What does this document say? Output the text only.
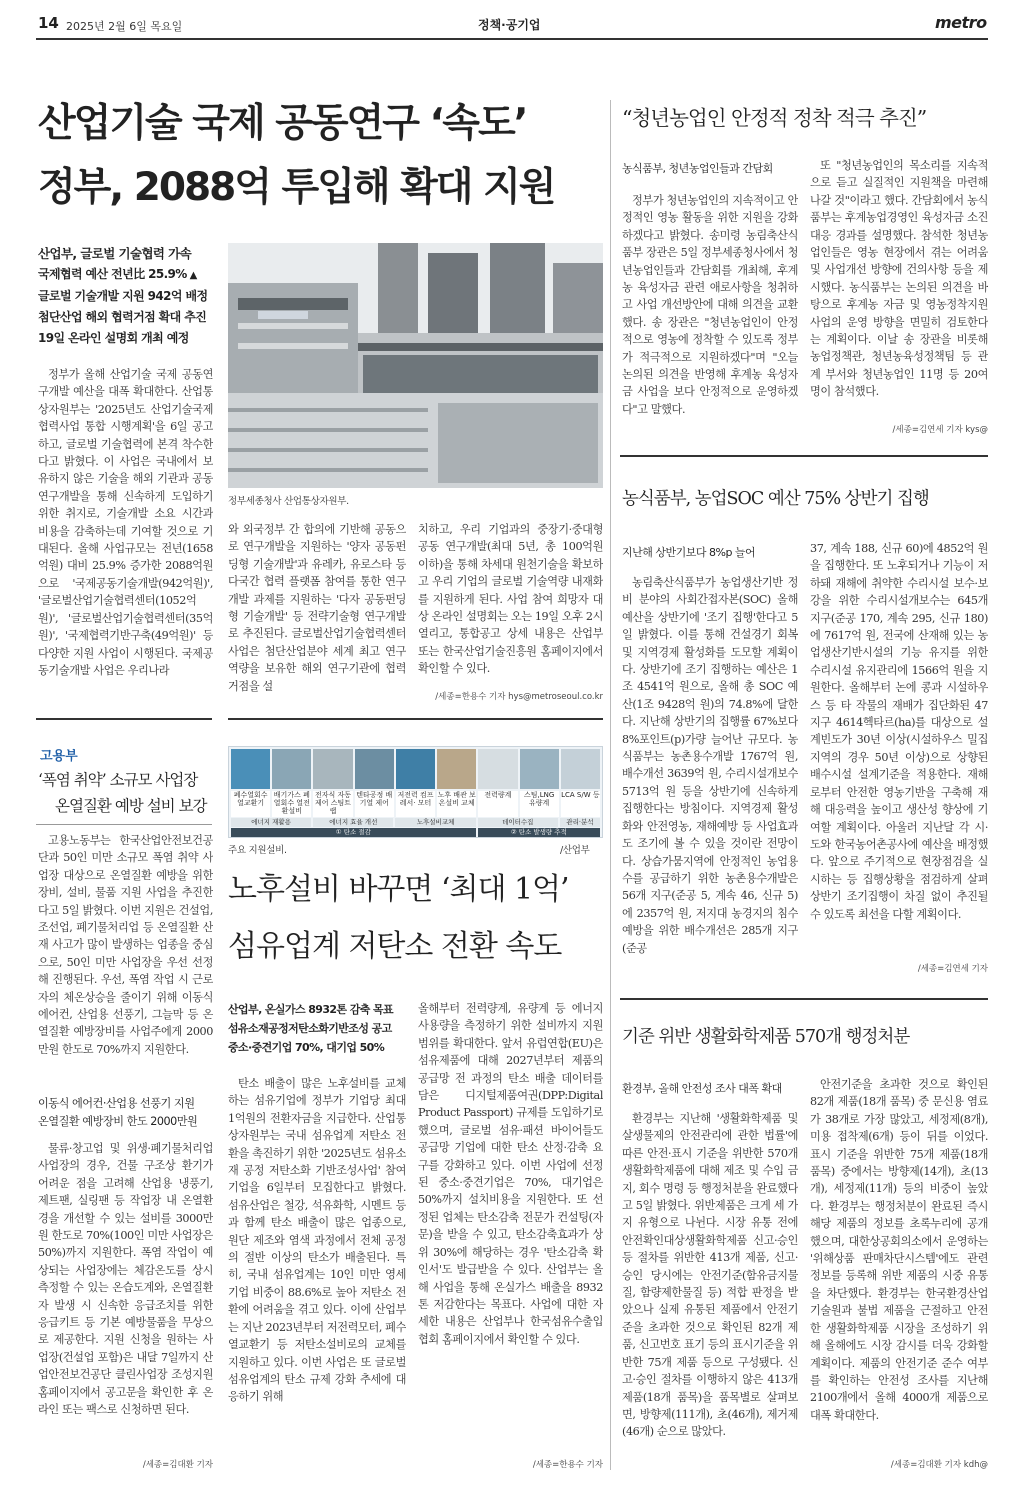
14 2025년 2월 6일 목요일	정책·공기업	metro
산업기술 국제 공동연구 ‘속도’
정부, 2088억 투입해 확대 지원
산업부, 글로벌 기술협력 가속
국제협력 예산 전년比 25.9% ▲
글로벌 기술개발 지원 942억 배정
첨단산업 해외 협력거점 확대 추진
19일 온라인 설명회 개최 예정

정부가 올해 산업기술 국제 공동연구개발 예산을 대폭 확대한다. 산업통상자원부는 '2025년도 산업기술국제협력사업 통합 시행계획'을 6일 공고하고, 글로벌 기술협력에 본격 착수한다고 밝혔다. 이 사업은 국내에서 보유하지 않은 기술을 해외 기관과 공동 연구개발을 통해 신속하게 도입하기 위한 취지로, 기술개발 소요 시간과 비용을 감축하는데 기여할 것으로 기대된다. 올해 사업규모는 전년(1658억원) 대비 25.9% 증가한 2088억원으로 '국제공동기술개발(942억원)', '글로벌산업기술협력센터(1052억원)', '글로벌산업기술협력센터(35억원)', '국제협력기반구축(49억원)' 등 다양한 지원 사업이 시행된다. 국제공동기술개발 사업은 우리나라

정부세종청사 산업통상자원부.

와 외국정부 간 합의에 기반해 공동으로 연구개발을 지원하는 '양자 공동펀딩형 기술개발'과 유레카, 유로스타 등 다국간 협력 플랫폼 참여를 통한 연구개발 과제를 지원하는 '다자 공동펀딩형 기술개발' 등 전략기술형 연구개발로 추진된다. 글로벌산업기술협력센터 사업은 첨단산업분야 세계 최고 연구역량을 보유한 해외 연구기관에 협력거점을 설

치하고, 우리 기업과의 중장기·중대형 공동 연구개발(최대 5년, 총 100억원 이하)을 통해 차세대 원천기술을 확보하고 우리 기업의 글로벌 기술역량 내재화를 지원하게 된다. 사업 참여 희망자 대상 온라인 설명회는 오는 19일 오후 2시 열리고, 통합공고 상세 내용은 산업부 또는 한국산업기술진흥원 홈페이지에서 확인할 수 있다.

/세종=한용수 기자 hys@metroseoul.co.kr
고용부
‘폭염 취약’ 소규모 사업장
온열질환 예방 설비 보강

고용노동부는 한국산업안전보건공단과 50인 미만 소규모 폭염 취약 사업장 대상으로 온열질환 예방을 위한 장비, 설비, 물품 지원 사업을 추진한다고 5일 밝혔다. 이번 지원은 건설업, 조선업, 폐기물처리업 등 온열질환 산재 사고가 많이 발생하는 업종을 중심으로, 50인 미만 사업장을 우선 선정해 진행된다. 우선, 폭염 작업 시 근로자의 체온상승을 줄이기 위해 이동식 에어컨, 산업용 선풍기, 그늘막 등 온열질환 예방장비를 사업주에게 2000만원 한도로 70%까지 지원한다.

이동식 에어컨·산업용 선풍기 지원
온열질환 예방장비 한도 2000만원

물류·창고업 및 위생·폐기물처리업 사업장의 경우, 건물 구조상 환기가 어려운 점을 고려해 산업용 냉풍기, 제트팬, 실링팬 등 작업장 내 온열환경을 개선할 수 있는 설비를 3000만원 한도로 70%(100인 미만 사업장은 50%)까지 지원한다. 폭염 작업이 예상되는 사업장에는 체감온도를 상시 측정할 수 있는 온습도계와, 온열질환자 발생 시 신속한 응급조치를 위한 응급키트 등 기본 예방물품을 무상으로 제공한다. 지원 신청을 원하는 사업장(건설업 포함)은 내달 7일까지 산업안전보건공단 클린사업장 조성지원 홈페이지에서 공고문을 확인한 후 온라인 또는 팩스로 신청하면 된다.

/세종=김대환 기자
폐수열회수 열교환기
배기가스 폐열회수 열전환설비
전자식 자동제어 스팀트랩
텐타공정 배기열 제어
저전력 컴프레서· 모터
노후 배관 보온설비 교체
전력량계	스팀,LNG 유량계
LCA S/W 등
에너지 재활용	에너지 효율 개선	노후설비교체	데이터수집	관리·분석
① 탄소 절감	② 탄소 발생량 추적
주요 지원설비.	/산업부
노후설비 바꾸면 ‘최대 1억’
섬유업계 저탄소 전환 속도
산업부, 온실가스 8932톤 감축 목표
섬유소재공정저탄소화기반조성 공고
중소·중견기업 70%, 대기업 50%

탄소 배출이 많은 노후설비를 교체하는 섬유기업에 정부가 기업당 최대 1억원의 전환자금을 지급한다. 산업통상자원부는 국내 섬유업계 저탄소 전환을 촉진하기 위한 '2025년도 섬유소재 공정 저탄소화 기반조성사업' 참여기업을 6일부터 모집한다고 밝혔다. 섬유산업은 철강, 석유화학, 시멘트 등과 함께 탄소 배출이 많은 업종으로, 원단 제조와 염색 과정에서 전체 공정의 절반 이상의 탄소가 배출된다. 특히, 국내 섬유업계는 10인 미만 영세기업 비중이 88.6%로 높아 저탄소 전환에 어려움을 겪고 있다. 이에 산업부는 지난 2023년부터 저전력모터, 폐수 열교환기 등 저탄소설비로의 교체를 지원하고 있다. 이번 사업은 또 글로벌 섬유업계의 탄소 규제 강화 추세에 대응하기 위해

올해부터 전력량계, 유량계 등 에너지 사용량을 측정하기 위한 설비까지 지원범위를 확대한다. 앞서 유럽연합(EU)은 섬유제품에 대해 2027년부터 제품의 공급망 전 과정의 탄소 배출 데이터를 담은 디지털제품여권(DPP:Digital Product Passport) 규제를 도입하기로 했으며, 글로벌 섬유·패션 바이어들도 공급망 기업에 대한 탄소 산정·감축 요구를 강화하고 있다. 이번 사업에 선정된 중소·중견기업은 70%, 대기업은 50%까지 설치비용을 지원한다. 또 선정된 업체는 탄소감축 전문가 컨설팅(자문)을 받을 수 있고, 탄소감축효과가 상위 30%에 해당하는 경우 '탄소감축 확인서'도 발급받을 수 있다. 산업부는 올해 사업을 통해 온실가스 배출을 8932톤 저감한다는 목표다. 사업에 대한 자세한 내용은 산업부나 한국섬유수출입협회 홈페이지에서 확인할 수 있다.

/세종=한용수 기자
“청년농업인 안정적 정착 적극 추진”
농식품부, 청년농업인들과 간담회

정부가 청년농업인의 지속적이고 안정적인 영농 활동을 위한 지원을 강화하겠다고 밝혔다. 송미령 농림축산식품부 장관은 5일 정부세종청사에서 청년농업인들과 간담회를 개최해, 후계농 육성자금 관련 애로사항을 청취하고 사업 개선방안에 대해 의견을 교환했다. 송 장관은 "청년농업인이 안정적으로 영농에 정착할 수 있도록 정부가 적극적으로 지원하겠다"며 "오늘 논의된 의견을 반영해 후계농 육성자금 사업을 보다 안정적으로 운영하겠다"고 말했다.

또 "청년농업인의 목소리를 지속적으로 듣고 실질적인 지원책을 마련해 나갈 것"이라고 했다. 간담회에서 농식품부는 후계농업경영인 육성자금 소진 대응 경과를 설명했다. 참석한 청년농업인들은 영농 현장에서 겪는 어려움 및 사업개선 방향에 건의사항 등을 제시했다. 농식품부는 논의된 의견을 바탕으로 후계농 자금 및 영농정착지원사업의 운영 방향을 면밀히 검토한다는 계획이다. 이날 송 장관을 비롯해 농업정책관, 청년농육성정책팀 등 관계 부서와 청년농업인 11명 등 20여 명이 참석했다.

/세종=김연세 기자 kys@
농식품부, 농업SOC 예산 75% 상반기 집행
지난해 상반기보다 8%p 늘어

농림축산식품부가 농업생산기반 정비 분야의 사회간접자본(SOC) 올해 예산을 상반기에 '조기 집행'한다고 5일 밝혔다. 이를 통해 건설경기 회복 및 지역경제 활성화를 도모할 계획이다. 상반기에 조기 집행하는 예산은 1조 4541억 원으로, 올해 총 SOC 예산(1조 9428억 원)의 74.8%에 달한다. 지난해 상반기의 집행률 67%보다 8%포인트(p)가량 늘어난 규모다. 농식품부는 농촌용수개발 1767억 원, 배수개선 3639억 원, 수리시설개보수 5713억 원 등을 상반기에 신속하게 집행한다는 방침이다. 지역경제 활성화와 안전영농, 재해예방 등 사업효과도 조기에 볼 수 있을 것이란 전망이다. 상습가뭄지역에 안정적인 농업용수를 공급하기 위한 농촌용수개발은 56개 지구(준공 5, 계속 46, 신규 5)에 2357억 원, 저지대 농경지의 침수예방을 위한 배수개선은 285개 지구(준공

37, 계속 188, 신규 60)에 4852억 원을 집행한다. 또 노후되거나 기능이 저하돼 재해에 취약한 수리시설 보수·보강을 위한 수리시설개보수는 645개 지구(준공 170, 계속 295, 신규 180)에 7617억 원, 전국에 산재해 있는 농업생산기반시설의 기능 유지를 위한 수리시설 유지관리에 1566억 원을 지원한다. 올해부터 논에 콩과 시설하우스 등 타 작물의 재배가 집단화된 47지구 4614헥타르(ha)를 대상으로 설계빈도가 30년 이상(시설하우스 밀집지역의 경우 50년 이상)으로 상향된 배수시설 설계기준을 적용한다. 재해로부터 안전한 영농기반을 구축해 재해 대응력을 높이고 생산성 향상에 기여할 계획이다. 아울러 지난달 각 시·도와 한국농어촌공사에 예산을 배정했다. 앞으로 주기적으로 현장점검을 실시하는 등 집행상황을 점검하게 살펴 상반기 조기집행이 차질 없이 추진될 수 있도록 최선을 다할 계획이다.

/세종=김연세 기자
기준 위반 생활화학제품 570개 행정처분
환경부, 올해 안전성 조사 대폭 확대

환경부는 지난해 '생활화학제품 및 살생물제의 안전관리에 관한 법률'에 따른 안전·표시 기준을 위반한 570개 생활화학제품에 대해 제조 및 수입 금지, 회수 명령 등 행정처분을 완료했다고 5일 밝혔다. 위반제품은 크게 세 가지 유형으로 나뉜다. 시장 유통 전에 안전확인대상생활화학제품 신고·승인 등 절차를 위반한 413개 제품, 신고·승인 당시에는 안전기준(함유금지물질, 함량제한물질 등) 적합 판정을 받았으나 실제 유통된 제품에서 안전기준을 초과한 것으로 확인된 82개 제품, 신고번호 표기 등의 표시기준을 위반한 75개 제품 등으로 구성됐다. 신고·승인 절차를 이행하지 않은 413개 제품(18개 품목)을 품목별로 살펴보면, 방향제(111개), 초(46개), 제거제(46개) 순으로 많았다.

안전기준을 초과한 것으로 확인된 82개 제품(18개 품목) 중 문신용 염료가 38개로 가장 많았고, 세정제(8개), 미용 접착제(6개) 등이 뒤를 이었다. 표시 기준을 위반한 75개 제품(18개 품목) 중에서는 방향제(14개), 초(13개), 세정제(11개) 등의 비중이 높았다. 환경부는 행정처분이 완료된 즉시 해당 제품의 정보를 초록누리에 공개했으며, 대한상공회의소에서 운영하는 '위해상품 판매차단시스템'에도 관련 정보를 등록해 위반 제품의 시중 유통을 차단했다. 환경부는 한국환경산업기술원과 불법 제품을 근절하고 안전한 생활화학제품 시장을 조성하기 위해 올해에도 시장 감시를 더욱 강화할 계획이다. 제품의 안전기준 준수 여부를 확인하는 안전성 조사를 지난해 2100개에서 올해 4000개 제품으로 대폭 확대한다.

/세종=김대환 기자 kdh@
